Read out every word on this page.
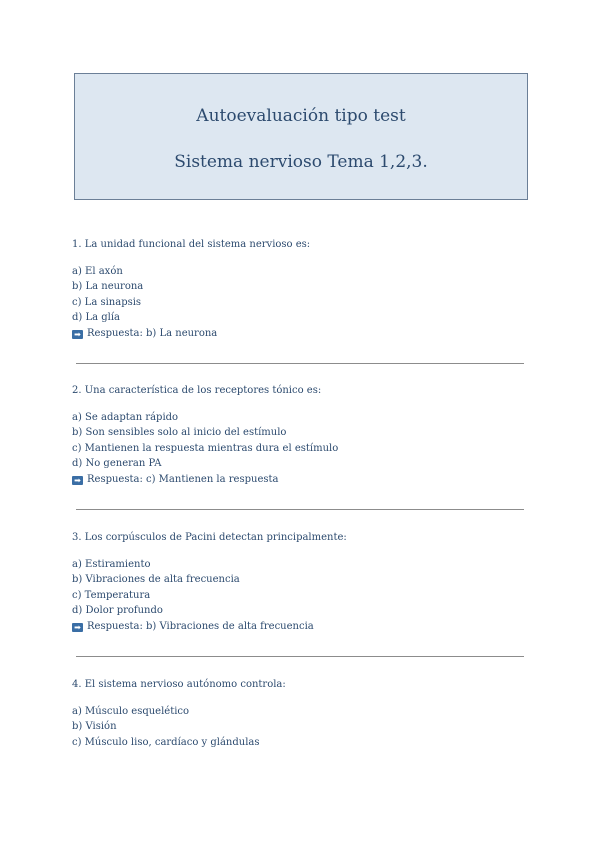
Autoevaluación tipo test
Sistema nervioso Tema 1,2,3.

1. La unidad funcional del sistema nervioso es:

a) El axón

b) La neurona

c) La sinapsis

d) La glía

➡ Respuesta: b) La neurona

2. Una característica de los receptores tónico es:

a) Se adaptan rápido

b) Son sensibles solo al inicio del estímulo

c) Mantienen la respuesta mientras dura el estímulo

d) No generan PA

➡ Respuesta: c) Mantienen la respuesta

3. Los corpúsculos de Pacini detectan principalmente:

a) Estiramiento

b) Vibraciones de alta frecuencia

c) Temperatura

d) Dolor profundo

➡ Respuesta: b) Vibraciones de alta frecuencia

4. El sistema nervioso autónomo controla:

a) Músculo esquelético

b) Visión

c) Músculo liso, cardíaco y glándulas
